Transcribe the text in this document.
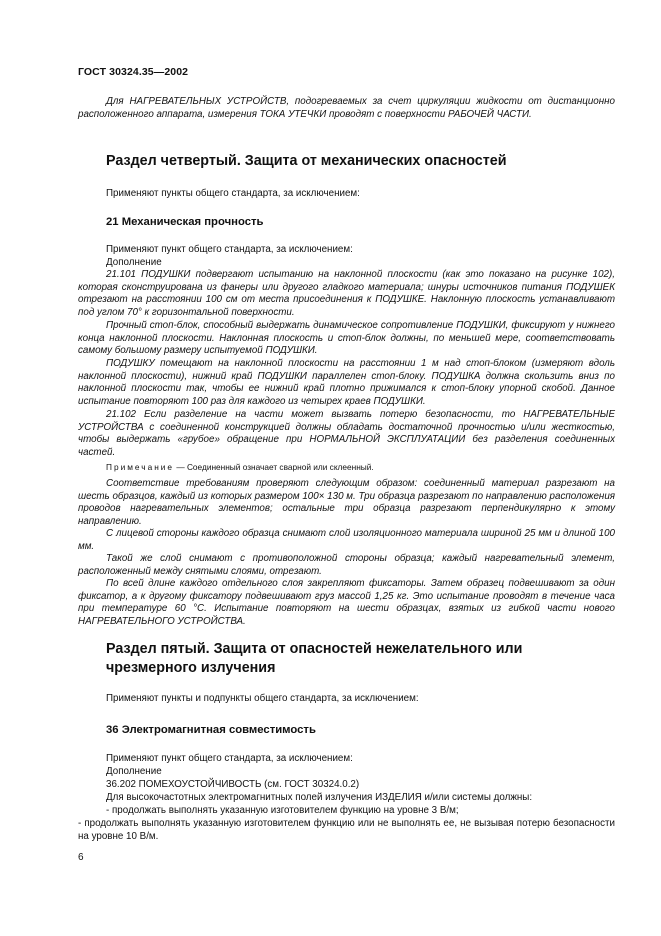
ГОСТ 30324.35—2002

Для НАГРЕВАТЕЛЬНЫХ УСТРОЙСТВ, подогреваемых за счет циркуляции жидкости от дистанционно расположенного аппарата, измерения ТОКА УТЕЧКИ проводят с поверхности РАБОЧЕЙ ЧАСТИ.

Раздел четвертый. Защита от механических опасностей

Применяют пункты общего стандарта, за исключением:

21 Механическая прочность

Применяют пункт общего стандарта, за исключением:

Дополнение

21.101 ПОДУШКИ подвергают испытанию на наклонной плоскости (как это показано на рисунке 102), которая сконструирована из фанеры или другого гладкого материала; шнуры источников питания ПОДУШЕК отрезают на расстоянии 100 см от места присоединения к ПОДУШКЕ. Наклонную плоскость устанавливают под углом 70° к горизонтальной поверхности.

Прочный стоп-блок, способный выдержать динамическое сопротивление ПОДУШКИ, фиксируют у нижнего конца наклонной плоскости. Наклонная плоскость и стоп-блок должны, по меньшей мере, соответствовать самому большому размеру испытуемой ПОДУШКИ.

ПОДУШКУ помещают на наклонной плоскости на расстоянии 1 м над стоп-блоком (измеряют вдоль наклонной плоскости), нижний край ПОДУШКИ параллелен стоп-блоку. ПОДУШКА должна скользить вниз по наклонной плоскости так, чтобы ее нижний край плотно прижимался к стоп-блоку упорной скобой. Данное испытание повторяют 100 раз для каждого из четырех краев ПОДУШКИ.

21.102 Если разделение на части может вызвать потерю безопасности, то НАГРЕВАТЕЛЬНЫЕ УСТРОЙСТВА с соединенной конструкцией должны обладать достаточной прочностью и/или жесткостью, чтобы выдержать «грубое» обращение при НОРМАЛЬНОЙ ЭКСПЛУАТАЦИИ без разделения соединенных частей.

Примечание — Соединенный означает сварной или склеенный.

Соответствие требованиям проверяют следующим образом: соединенный материал разрезают на шесть образцов, каждый из которых размером 100× 130 м. Три образца разрезают по направлению расположения проводов нагревательных элементов; остальные три образца разрезают перпендикулярно к этому направлению.

С лицевой стороны каждого образца снимают слой изоляционного материала шириной 25 мм и длиной 100 мм.

Такой же слой снимают с противоположной стороны образца; каждый нагревательный элемент, расположенный между снятыми слоями, отрезают.

По всей длине каждого отдельного слоя закрепляют фиксаторы. Затем образец подвешивают за один фиксатор, а к другому фиксатору подвешивают груз массой 1,25 кг. Это испытание проводят в течение часа при температуре 60 °С. Испытание повторяют на шести образцах, взятых из гибкой части нового НАГРЕВАТЕЛЬНОГО УСТРОЙСТВА.

Раздел пятый. Защита от опасностей нежелательного или чрезмерного излучения

Применяют пункты и подпункты общего стандарта, за исключением:

36 Электромагнитная совместимость

Применяют пункт общего стандарта, за исключением:

Дополнение

36.202 ПОМЕХОУСТОЙЧИВОСТЬ (см. ГОСТ 30324.0.2)

Для высокочастотных электромагнитных полей излучения ИЗДЕЛИЯ и/или системы должны:

- продолжать выполнять указанную изготовителем функцию на уровне 3 В/м;

- продолжать выполнять указанную изготовителем функцию или не выполнять ее, не вызывая потерю безопасности на уровне 10 В/м.

6
